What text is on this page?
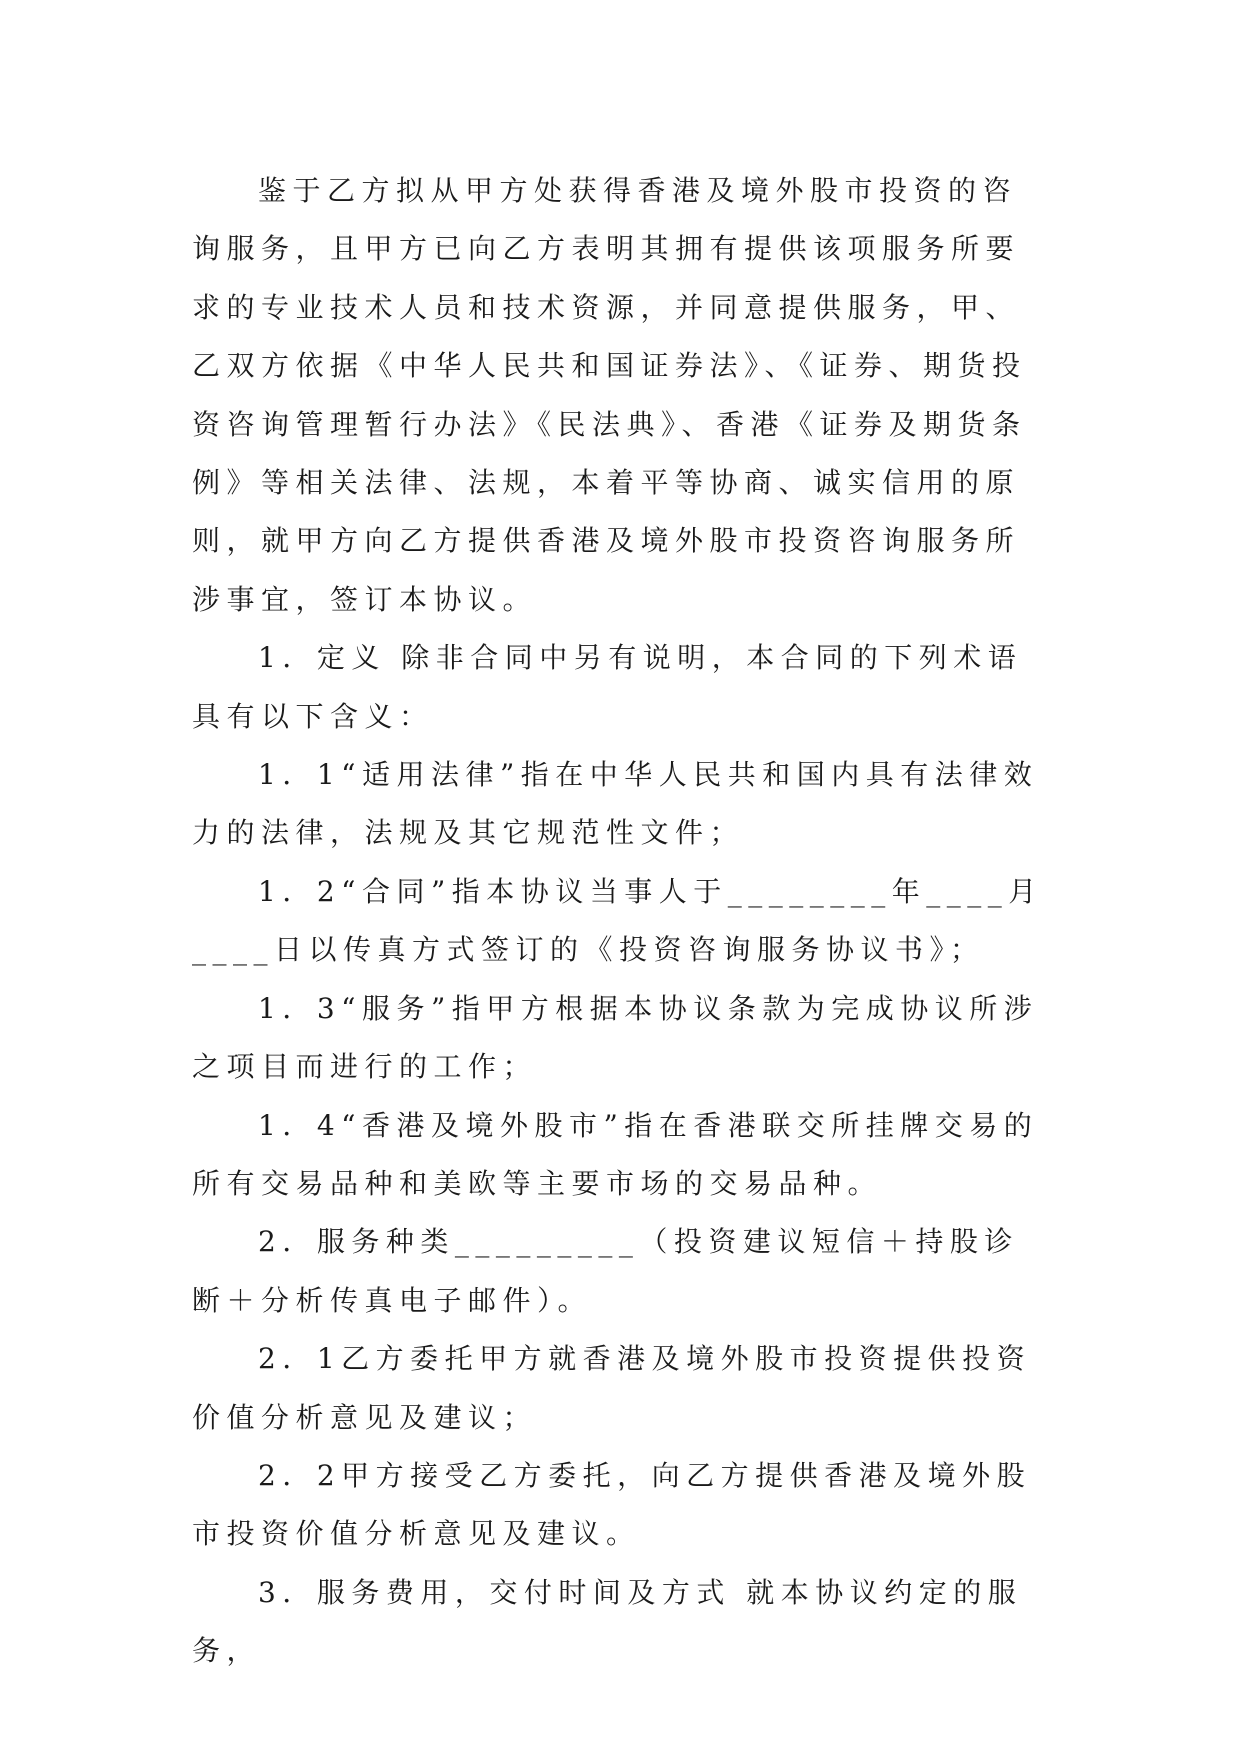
鉴于乙方拟从甲方处获得香港及境外股市投资的咨询服务，且甲方已向乙方表明其拥有提供该项服务所要求的专业技术人员和技术资源，并同意提供服务，甲、乙双方依据《中华人民共和国证券法》、《证券、期货投资咨询管理暂行办法》《民法典》、香港《证券及期货条例》等相关法律、法规，本着平等协商、诚实信用的原则，就甲方向乙方提供香港及境外股市投资咨询服务所涉事宜，签订本协议。

1．定义 除非合同中另有说明，本合同的下列术语具有以下含义：

1．1“适用法律”指在中华人民共和国内具有法律效力的法律，法规及其它规范性文件；

1．2“合同”指本协议当事人于________年____月____日以传真方式签订的《投资咨询服务协议书》；

1．3“服务”指甲方根据本协议条款为完成协议所涉之项目而进行的工作；

1．4“香港及境外股市”指在香港联交所挂牌交易的所有交易品种和美欧等主要市场的交易品种。

2．服务种类_________（投资建议短信＋持股诊断＋分析传真电子邮件）。

2．1乙方委托甲方就香港及境外股市投资提供投资价值分析意见及建议；

2．2甲方接受乙方委托，向乙方提供香港及境外股市投资价值分析意见及建议。

3．服务费用，交付时间及方式 就本协议约定的服务，
